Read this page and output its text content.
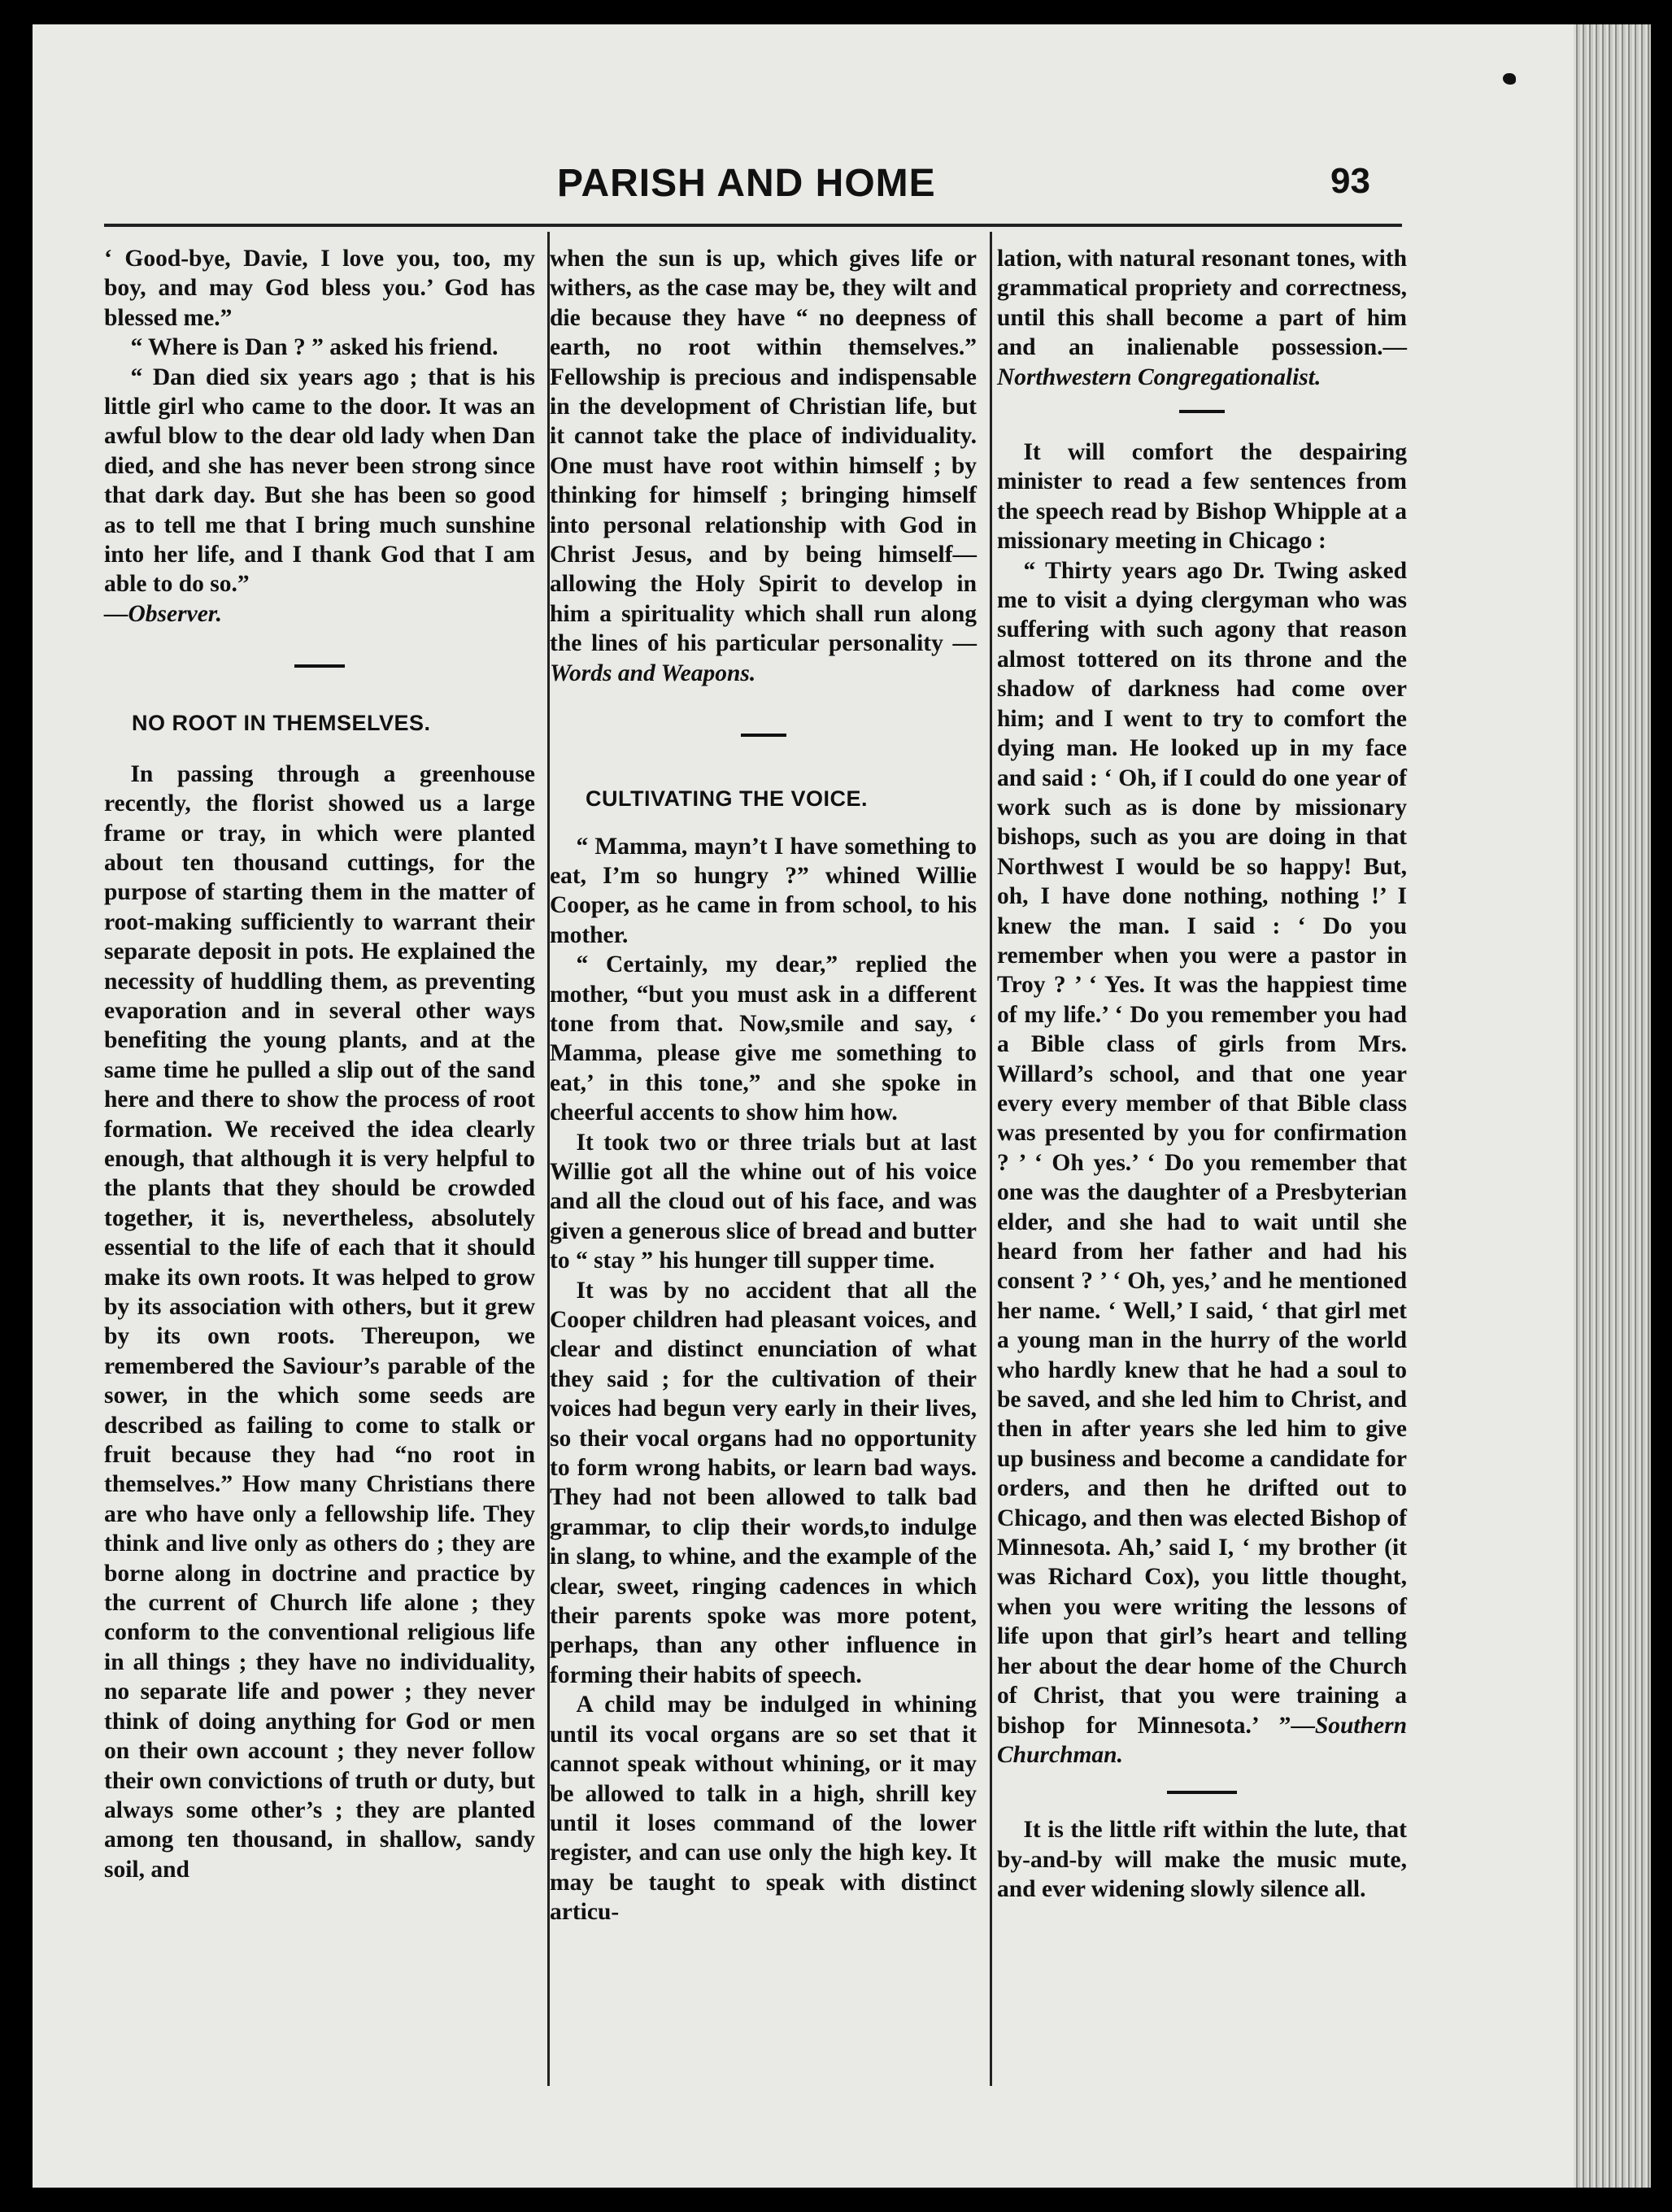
PARISH AND HOME	93

‘ Good-bye, Davie, I love you, too, my boy, and may God bless you.’ God has blessed me.”

“ Where is Dan ? ” asked his friend.

“ Dan died six years ago ; that is his little girl who came to the door. It was an awful blow to the dear old lady when Dan died, and she has never been strong since that dark day. But she has been so good as to tell me that I bring much sunshine into her life, and I thank God that I am able to do so.”

—Observer.

NO ROOT IN THEMSELVES.

In passing through a greenhouse recently, the florist showed us a large frame or tray, in which were planted about ten thousand cuttings, for the purpose of starting them in the matter of root-making sufficiently to warrant their separate deposit in pots. He explained the necessity of huddling them, as preventing evaporation and in several other ways benefiting the young plants, and at the same time he pulled a slip out of the sand here and there to show the process of root formation. We received the idea clearly enough, that although it is very helpful to the plants that they should be crowded together, it is, nevertheless, absolutely essential to the life of each that it should make its own roots. It was helped to grow by its association with others, but it grew by its own roots. Thereupon, we remembered the Saviour’s parable of the sower, in the which some seeds are described as failing to come to stalk or fruit because they had “no root in themselves.” How many Christians there are who have only a fellowship life. They think and live only as others do ; they are borne along in doctrine and practice by the current of Church life alone ; they conform to the conventional religious life in all things ; they have no individuality, no separate life and power ; they never think of doing anything for God or men on their own account ; they never follow their own convictions of truth or duty, but always some other’s ; they are planted among ten thousand, in shallow, sandy soil, and

when the sun is up, which gives life or withers, as the case may be, they wilt and die because they have “ no deepness of earth, no root within themselves.” Fellowship is precious and indispensable in the development of Christian life, but it cannot take the place of individuality. One must have root within himself ; by thinking for himself ; bringing himself into personal relationship with God in Christ Jesus, and by being himself—allowing the Holy Spirit to develop in him a spirituality which shall run along the lines of his particular personality —Words and Weapons.

CULTIVATING THE VOICE.

“ Mamma, mayn’t I have something to eat, I’m so hungry ?” whined Willie Cooper, as he came in from school, to his mother.

“ Certainly, my dear,” replied the mother, “but you must ask in a different tone from that. Now,smile and say, ‘ Mamma, please give me something to eat,’ in this tone,” and she spoke in cheerful accents to show him how.

It took two or three trials but at last Willie got all the whine out of his voice and all the cloud out of his face, and was given a generous slice of bread and butter to “ stay ” his hunger till supper time.

It was by no accident that all the Cooper children had pleasant voices, and clear and distinct enunciation of what they said ; for the cultivation of their voices had begun very early in their lives, so their vocal organs had no opportunity to form wrong habits, or learn bad ways. They had not been allowed to talk bad grammar, to clip their words,to indulge in slang, to whine, and the example of the clear, sweet, ringing cadences in which their parents spoke was more potent, perhaps, than any other influence in forming their habits of speech.

A child may be indulged in whining until its vocal organs are so set that it cannot speak without whining, or it may be allowed to talk in a high, shrill key until it loses command of the lower register, and can use only the high key. It may be taught to speak with distinct articu-

lation, with natural resonant tones, with grammatical propriety and correctness, until this shall become a part of him and an inalienable possession.—Northwestern Congregationalist.

It will comfort the despairing minister to read a few sentences from the speech read by Bishop Whipple at a missionary meeting in Chicago :

“ Thirty years ago Dr. Twing asked me to visit a dying clergyman who was suffering with such agony that reason almost tottered on its throne and the shadow of darkness had come over him; and I went to try to comfort the dying man. He looked up in my face and said : ‘ Oh, if I could do one year of work such as is done by missionary bishops, such as you are doing in that Northwest I would be so happy! But, oh, I have done nothing, nothing !’ I knew the man. I said : ‘ Do you remember when you were a pastor in Troy ? ’ ‘ Yes. It was the happiest time of my life.’ ‘ Do you remember you had a Bible class of girls from Mrs. Willard’s school, and that one year every every member of that Bible class was presented by you for confirmation ? ’ ‘ Oh yes.’ ‘ Do you remember that one was the daughter of a Presbyterian elder, and she had to wait until she heard from her father and had his consent ? ’ ‘ Oh, yes,’ and he mentioned her name. ‘ Well,’ I said, ‘ that girl met a young man in the hurry of the world who hardly knew that he had a soul to be saved, and she led him to Christ, and then in after years she led him to give up business and become a candidate for orders, and then he drifted out to Chicago, and then was elected Bishop of Minnesota. Ah,’ said I, ‘ my brother (it was Richard Cox), you little thought, when you were writing the lessons of life upon that girl’s heart and telling her about the dear home of the Church of Christ, that you were training a bishop for Minnesota.’ ”—Southern Churchman.

It is the little rift within the lute, that by-and-by will make the music mute, and ever widening slowly silence all.
